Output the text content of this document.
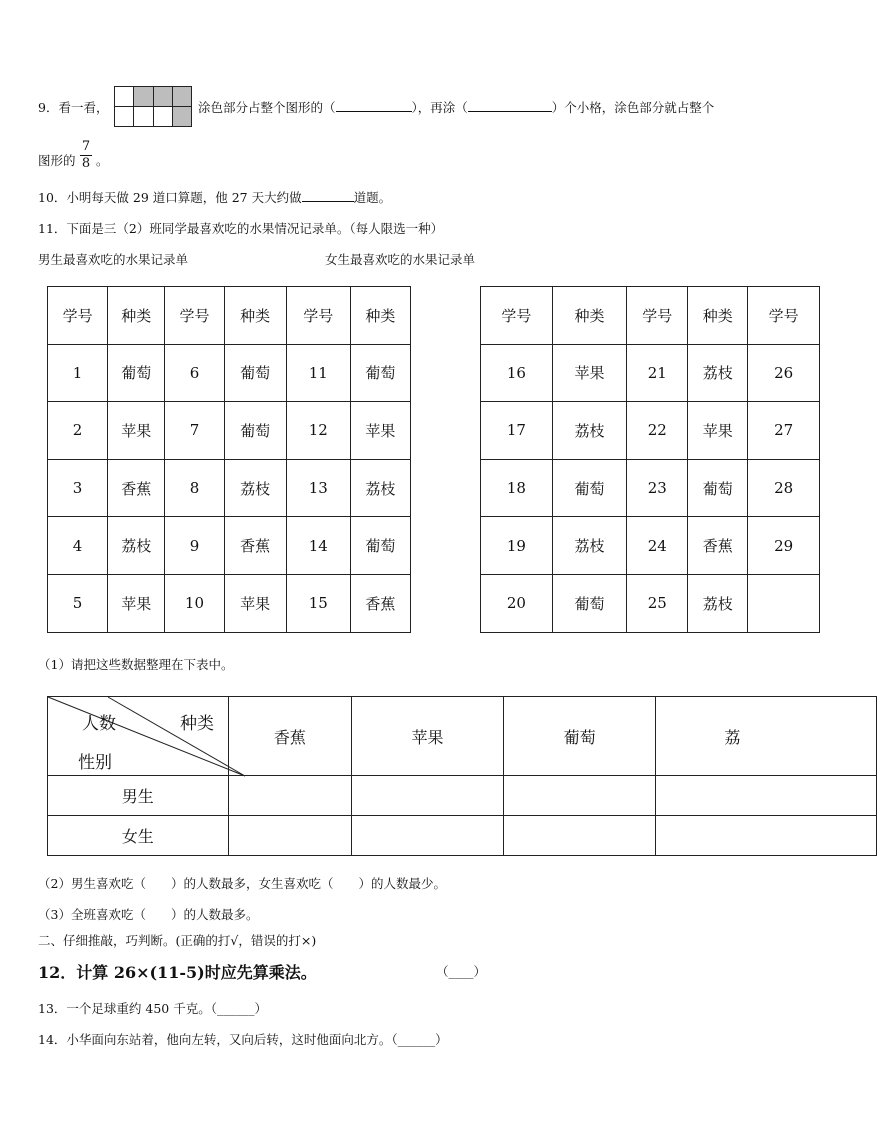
9．看一看，

				涂色部分占整个图形的（	），再涂（	）个小格，涂色部分就占整个
图形的
7
8 。
10．小明每天做 29 道口算题，他 27 天大约做	道题。
11．下面是三（2）班同学最喜欢吃的水果情况记录单。（每人限选一种）
男生最喜欢吃的水果记录单	女生最喜欢吃的水果记录单
学号	种类	学号	种类	学号	种类
1	葡萄	6	葡萄	11	葡萄
2	苹果	7	葡萄	12	苹果
3	香蕉	8	荔枝	13	荔枝
4	荔枝	9	香蕉	14	葡萄
5	苹果	10	苹果	15	香蕉
学号	种类	学号	种类	学号
16	苹果	21	荔枝	26
17	荔枝	22	苹果	27
18	葡萄	23	葡萄	28
19	荔枝	24	香蕉	29
20	葡萄	25	荔枝	
（1）请把这些数据整理在下表中。
人数 种类
性别	香蕉	苹果	葡萄	荔
男生				
女生				
（2）男生喜欢吃（　　）的人数最多，女生喜欢吃（　　）的人数最少。
（3）全班喜欢吃（　　）的人数最多。
二、仔细推敲，巧判断。(正确的打√，错误的打×)
12．计算 26×(11-5)时应先算乘法。	（____）
13．一个足球重约 450 千克。（______）
14．小华面向东站着，他向左转，又向后转，这时他面向北方。（______）
